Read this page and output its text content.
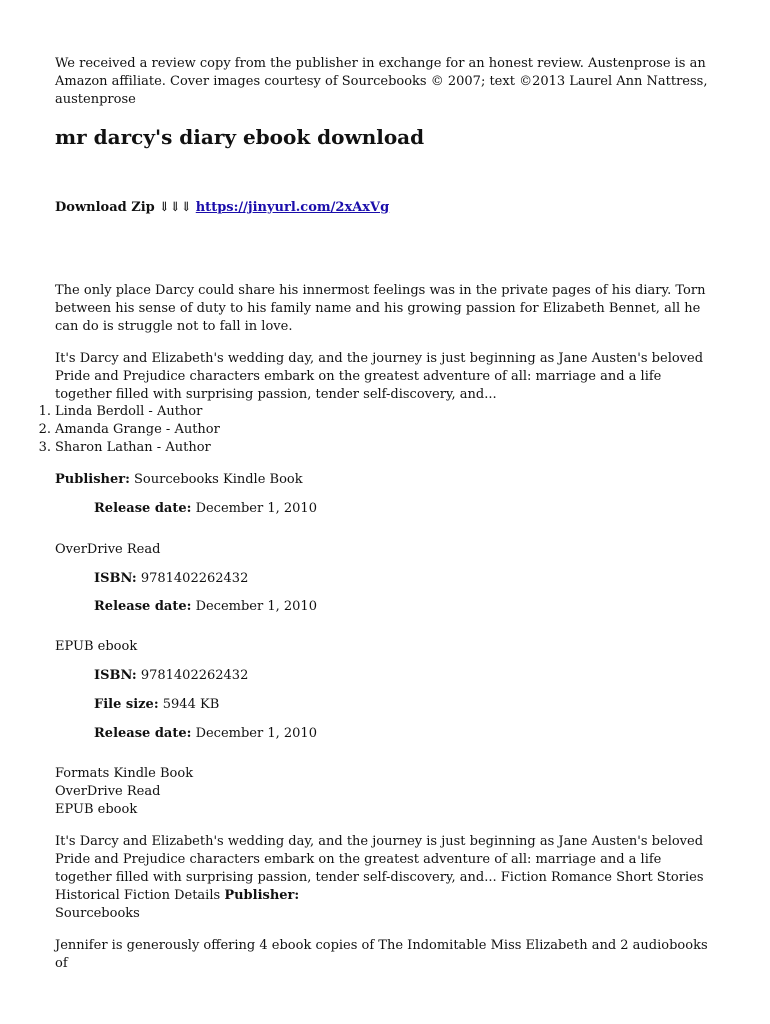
We received a review copy from the publisher in exchange for an honest review. Austenprose is an Amazon affiliate. Cover images courtesy of Sourcebooks © 2007; text ©2013 Laurel Ann Nattress, austenprose

mr darcy's diary ebook download

Download Zip ⇓⇓⇓ https://jinyurl.com/2xAxVg

The only place Darcy could share his innermost feelings was in the private pages of his diary. Torn between his sense of duty to his family name and his growing passion for Elizabeth Bennet, all he can do is struggle not to fall in love.

It's Darcy and Elizabeth's wedding day, and the journey is just beginning as Jane Austen's beloved Pride and Prejudice characters embark on the greatest adventure of all: marriage and a life together filled with surprising passion, tender self-discovery, and...

1. Linda Berdoll - Author
2. Amanda Grange - Author
3. Sharon Lathan - Author

Publisher: Sourcebooks Kindle Book

Release date: December 1, 2010

OverDrive Read

ISBN: 9781402262432

Release date: December 1, 2010

EPUB ebook

ISBN: 9781402262432

File size: 5944 KB

Release date: December 1, 2010

Formats Kindle Book
OverDrive Read
EPUB ebook

It's Darcy and Elizabeth's wedding day, and the journey is just beginning as Jane Austen's beloved Pride and Prejudice characters embark on the greatest adventure of all: marriage and a life together filled with surprising passion, tender self-discovery, and... Fiction Romance Short Stories Historical Fiction Details Publisher:
Sourcebooks

Jennifer is generously offering 4 ebook copies of The Indomitable Miss Elizabeth and 2 audiobooks of
